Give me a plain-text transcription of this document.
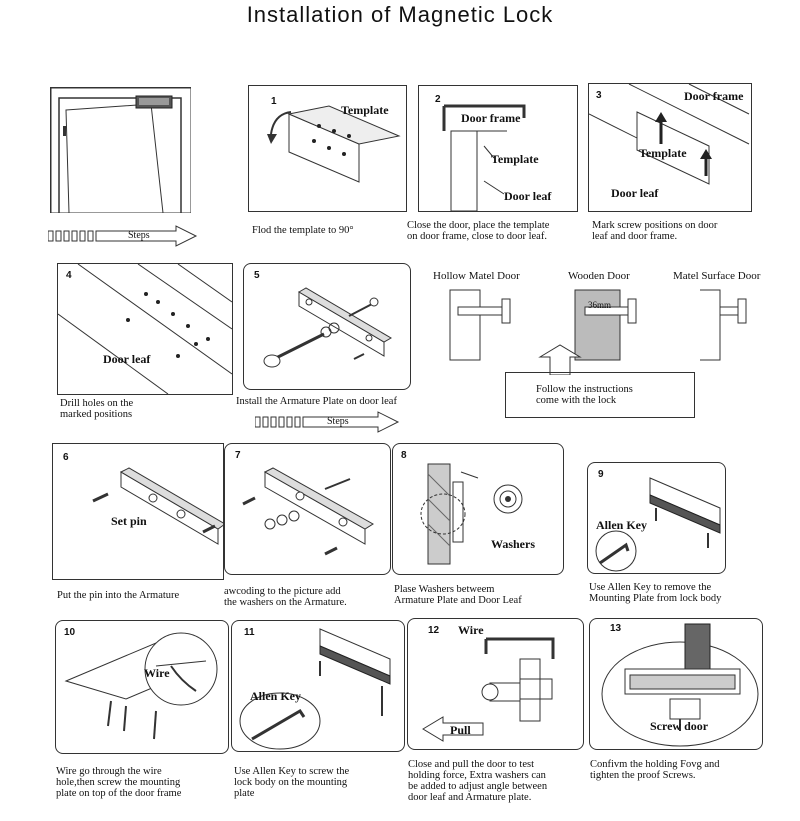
Installation of Magnetic Lock
Steps
1
Template
Flod the template to 90°
2
Door frame
Template
Door leaf
Close the door, place the template
on door frame, close to door leaf.
3	Door frame
Template
Door leaf
Mark screw positions on door
leaf and door frame.
4
Door leaf
Drill holes on the
marked positions
5
Install the Armature Plate on door leaf
Steps
Hollow Matel Door	Wooden Door	Matel Surface Door
36mm
Follow the instructions
come with the lock
6
Set pin
Put the pin into the Armature
7
awcoding to the picture add
the washers on the Armature.
8
Washers
Plase Washers betweem
Armature Plate and Door Leaf
9
Allen Key
Use Allen Key to remove the
Mounting Plate from lock body
10
Wire
Wire go through the wire
hole,then screw the mounting
plate on top of the door frame
11
Allen Key
Use Allen Key to screw the
lock body on the mounting
plate
12 Wire
Pull
Close and pull the door to test
holding force, Extra washers can
be added to adjust angle between
door leaf and Armature plate.
13
Screw door
Confivm the holding Fovg and
tighten the proof Screws.
